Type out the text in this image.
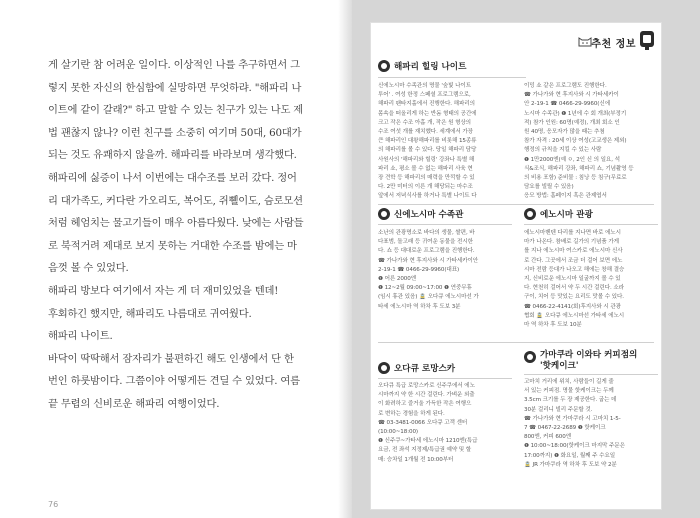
게 살기란 참 어려운 일이다. 이상적인 나를 추구하면서 그

렇지 못한 자신의 한심함에 실망하면 무엇하랴. "해파리 나

이트에 같이 갈래?" 하고 말할 수 있는 친구가 있는 나도 제

법 괜찮지 않나? 이런 친구를 소중히 여기며 50대, 60대가

되는 것도 유쾌하지 않을까. 해파리를 바라보며 생각했다.

해파리에 싫증이 나서 이번에는 대수조를 보러 갔다. 정어

리 대가족도, 커다란 가오리도, 복어도, 쥐쀌이도, 슴로모션

처럼 헤엄치는 물고기들이 매우 아름다웠다. 낮에는 사람들

로 북적거려 제대로 보지 못하는 거대한 수조를 밤에는 마

음껏 볼 수 있었다.

해파리 방보다 여기에서 자는 게 더 재미있었을 텐데!

후회하긴 했지만, 해파리도 나름대로 귀여웠다.

해파리 나이트.

바닥이 딱딱해서 잠자리가 불편하긴 해도 인생에서 단 한

번인 하룻밤이다. 그쯤이야 어떻게든 견딜 수 있었다. 여름

끝 무렵의 신비로운 해파리 여행이었다.

76
추천 정보
해파리 힐링 나이트

신에노시마 수족관의 명물 '숲빛 나이트

투어' . 여성 한정 스페셜 프로그램으로,

해파리 팬타지홀에서 진행한다. 해파리의

몸속을 떠올리게 하는 반돔 형태의 공간에

크고 작은 수조 아홉 개, 작은 원 형상의

수조 여섯 개를 재치했다. 세계에서 가장

큰 해파리인 대왕해파리를 비롯해 15종류

의 해파리를 볼 수 있다. 당일 해파리 담당

사원사의 '해파리와 힐링' 강좌나 특별 해

파리 쇼, 평소 볼 수 없는 해파리 사육 현

장 견학 등 해파리의 매력을 만끽할 수 있

다. 2만 미터의 이른 개 해당되는 마수조

앞에서 저녁식사를 하거나 특별 나이트 다

이밍 쇼 같은 프로그램도 진행한다.

☎ 가나가와 현 후지사와 시 가타세카이

안 2-19-1 ☎ 0466-29-9960(신에

노시마 수족관) ❶ 1년에 수 회 개최(부정기

적) 참가 인원: 60명(예정), 개최 회소 인

원 40명, 응모자가 많을 때는 추첨

참가 자격 : 20세 이상 여성(고교생은 제외)

행정의 규칙을 지킬 수 있는 사람

❶ 1만2000엔(예 ㅇ, 2인 신 의 일요, 석

식&조식, 해파리 강좌, 해파리 쇼, 기념촬영 등

의 비용 포함) 준비물 : 침낭 등 침구(무료로

담요를 빌릴 수 있음)

응모 방법: 홈페이지 혹은 관제엽서

신에노시마 수족관

소난의 관광명소로 바다의 생물, 쌀편, 바

다표범, 돌고래 등 귀여운 동물을 전시한

다. 쇼 등 대대로운 프로그램을 진행한다.

☎ 가나가와 현 후지사와 시 가타세카이안

2-19-1 ☎ 0466-29-9960(대표)

❶ 어른 2000엔

❶ 12~2월 09:00~17:00 ❶ 연중무휴

(임시 휴관 있음) 🚊 오다큐 에노시마선 가

타세 에노시마 역 하차 후 도보 3분

에노시마 관광

에노시마벤텐 다리를 지나면 바로 에노시

마가 나온다. 참배로 길가의 기념품 가게

를 지나 에노시마 여스카로 에노시마 신사

로 간다. 그곳에서 조금 더 걸어 보면 에노

시마 전람 등대가 나오고 해에는 창해 결승

지, 신비로운 에노시마 일굴까지 볼 수 있

다. 현천히 걸어서 약 두 시간 걸린다. 소라

구이, 치어 등 맛있는 요리도 맛볼 수 있다.

☎ 0466-22-4141(회)후지사와 시 관광

협회 🚊 오다큐 에노시마선 가타세 에노시

마 역 하차 후 도보 10분

오다큐 로망스카

오다큐 특급 로망스카로 신주쿠에서 에노

시마까지 약 한 시간 걸린다. 가벼운 외출

이 화려하고 즐거울 가득한 작은 여행으

로 변하는 경험을 하게 된다.

☎ 03-3481-0066 오다큐 고객 센터

(10:00~18:00)

❶ 신주쿠~가타세 에노시마 1210엔(특급

요금, 전 좌석 지정제/특급권 예약 및 할

매: 승차일 1개월 전 10:00부터

가마쿠라 이와타 커피점의
'핫케이크'

고마치 거리에 위치, 사람들이 길게 줄

서 있는 커피점. 명물 핫케이크는 두께

3.5cm 크기를 두 장 제공한다. 굽는 데

30분 걸리니 빌리 주문할 것.

☎ 가나가와 현 가마쿠라 시 고마치 1-5-

7 ☎ 0467-22-2689 ❶ 핫케이크

800엔, 커피 600엔

❶ 10:00~18:00(핫케이크 마지막 주문은

17:00까지) ❶ 화요일, 월째 주 수요일

🚊 JR 가마쿠라 역 하차 후 도보 약 2분
